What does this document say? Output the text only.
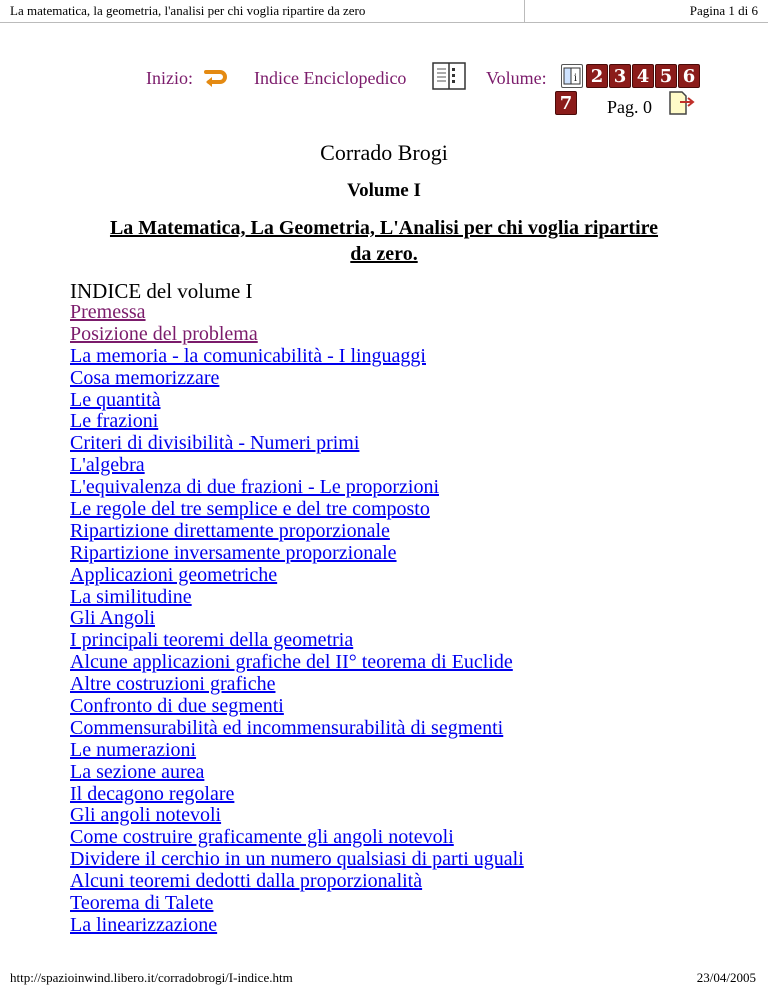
La matematica, la geometria, l'analisi per chi voglia ripartire da zero	Pagina 1 di 6
Inizio:	Indice Enciclopedico	Volume:	i 2 3 4 5 6
7 Pag. 0
Corrado Brogi
Volume I
La Matematica, La Geometria, L'Analisi per chi voglia ripartire da zero.

INDICE del volume I

Premessa
Posizione del problema
La memoria - la comunicabilità - I linguaggi
Cosa memorizzare
Le quantità
Le frazioni
Criteri di divisibilità - Numeri primi
L'algebra
L'equivalenza di due frazioni - Le proporzioni
Le regole del tre semplice e del tre composto
Ripartizione direttamente proporzionale
Ripartizione inversamente proporzionale
Applicazioni geometriche
La similitudine
Gli Angoli
I principali teoremi della geometria
Alcune applicazioni grafiche del II° teorema di Euclide
Altre costruzioni grafiche
Confronto di due segmenti
Commensurabilità ed incommensurabilità di segmenti
Le numerazioni
La sezione aurea
Il decagono regolare
Gli angoli notevoli
Come costruire graficamente gli angoli notevoli
Dividere il cerchio in un numero qualsiasi di parti uguali
Alcuni teoremi dedotti dalla proporzionalità
Teorema di Talete
La linearizzazione
http://spazioinwind.libero.it/corradobrogi/I-indice.htm	23/04/2005
